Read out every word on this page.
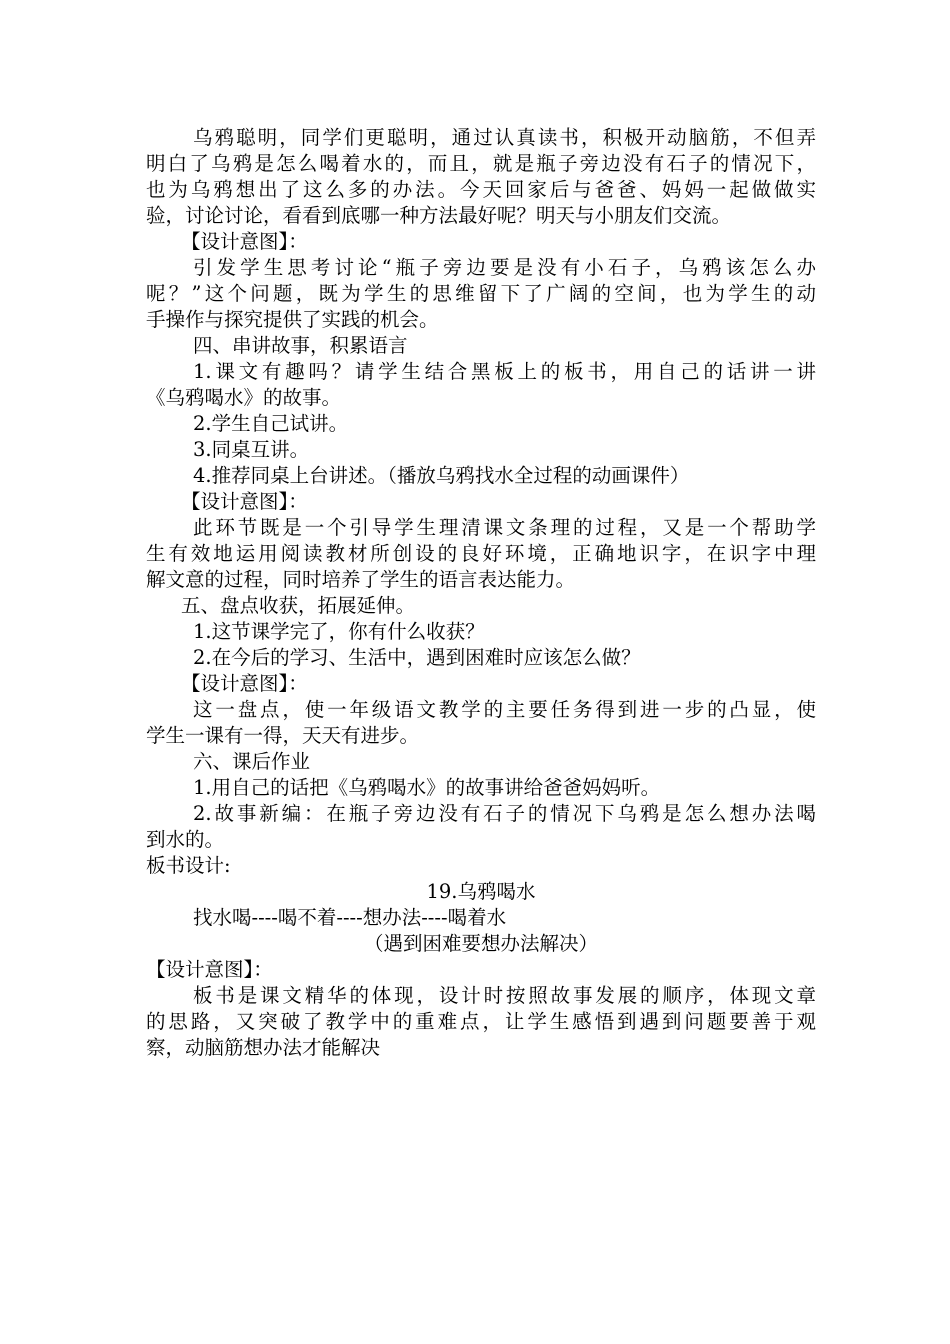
乌鸦聪明，同学们更聪明，通过认真读书，积极开动脑筋，不但弄
明白了乌鸦是怎么喝着水的，而且，就是瓶子旁边没有石子的情况下，
也为乌鸦想出了这么多的办法。今天回家后与爸爸、妈妈一起做做实
验，讨论讨论，看看到底哪一种方法最好呢？明天与小朋友们交流。
【设计意图】：
引发学生思考讨论“瓶子旁边要是没有小石子，乌鸦该怎么办
呢？”这个问题，既为学生的思维留下了广阔的空间，也为学生的动
手操作与探究提供了实践的机会。
四、串讲故事，积累语言
1.课文有趣吗？请学生结合黑板上的板书，用自己的话讲一讲
《乌鸦喝水》的故事。
2.学生自己试讲。
3.同桌互讲。
4.推荐同桌上台讲述。（播放乌鸦找水全过程的动画课件）
【设计意图】：
此环节既是一个引导学生理清课文条理的过程，又是一个帮助学
生有效地运用阅读教材所创设的良好环境，正确地识字，在识字中理
解文意的过程，同时培养了学生的语言表达能力。
五、盘点收获，拓展延伸。
1.这节课学完了，你有什么收获？
2.在今后的学习、生活中，遇到困难时应该怎么做？
【设计意图】：
这一盘点，使一年级语文教学的主要任务得到进一步的凸显，使
学生一课有一得，天天有进步。
六、课后作业
1.用自己的话把《乌鸦喝水》的故事讲给爸爸妈妈听。
2.故事新编：在瓶子旁边没有石子的情况下乌鸦是怎么想办法喝
到水的。
板书设计:
19.乌鸦喝水
找水喝----喝不着----想办法----喝着水
（遇到困难要想办法解决）
【设计意图】：
板书是课文精华的体现，设计时按照故事发展的顺序，体现文章
的思路，又突破了教学中的重难点，让学生感悟到遇到问题要善于观
察，动脑筋想办法才能解决
